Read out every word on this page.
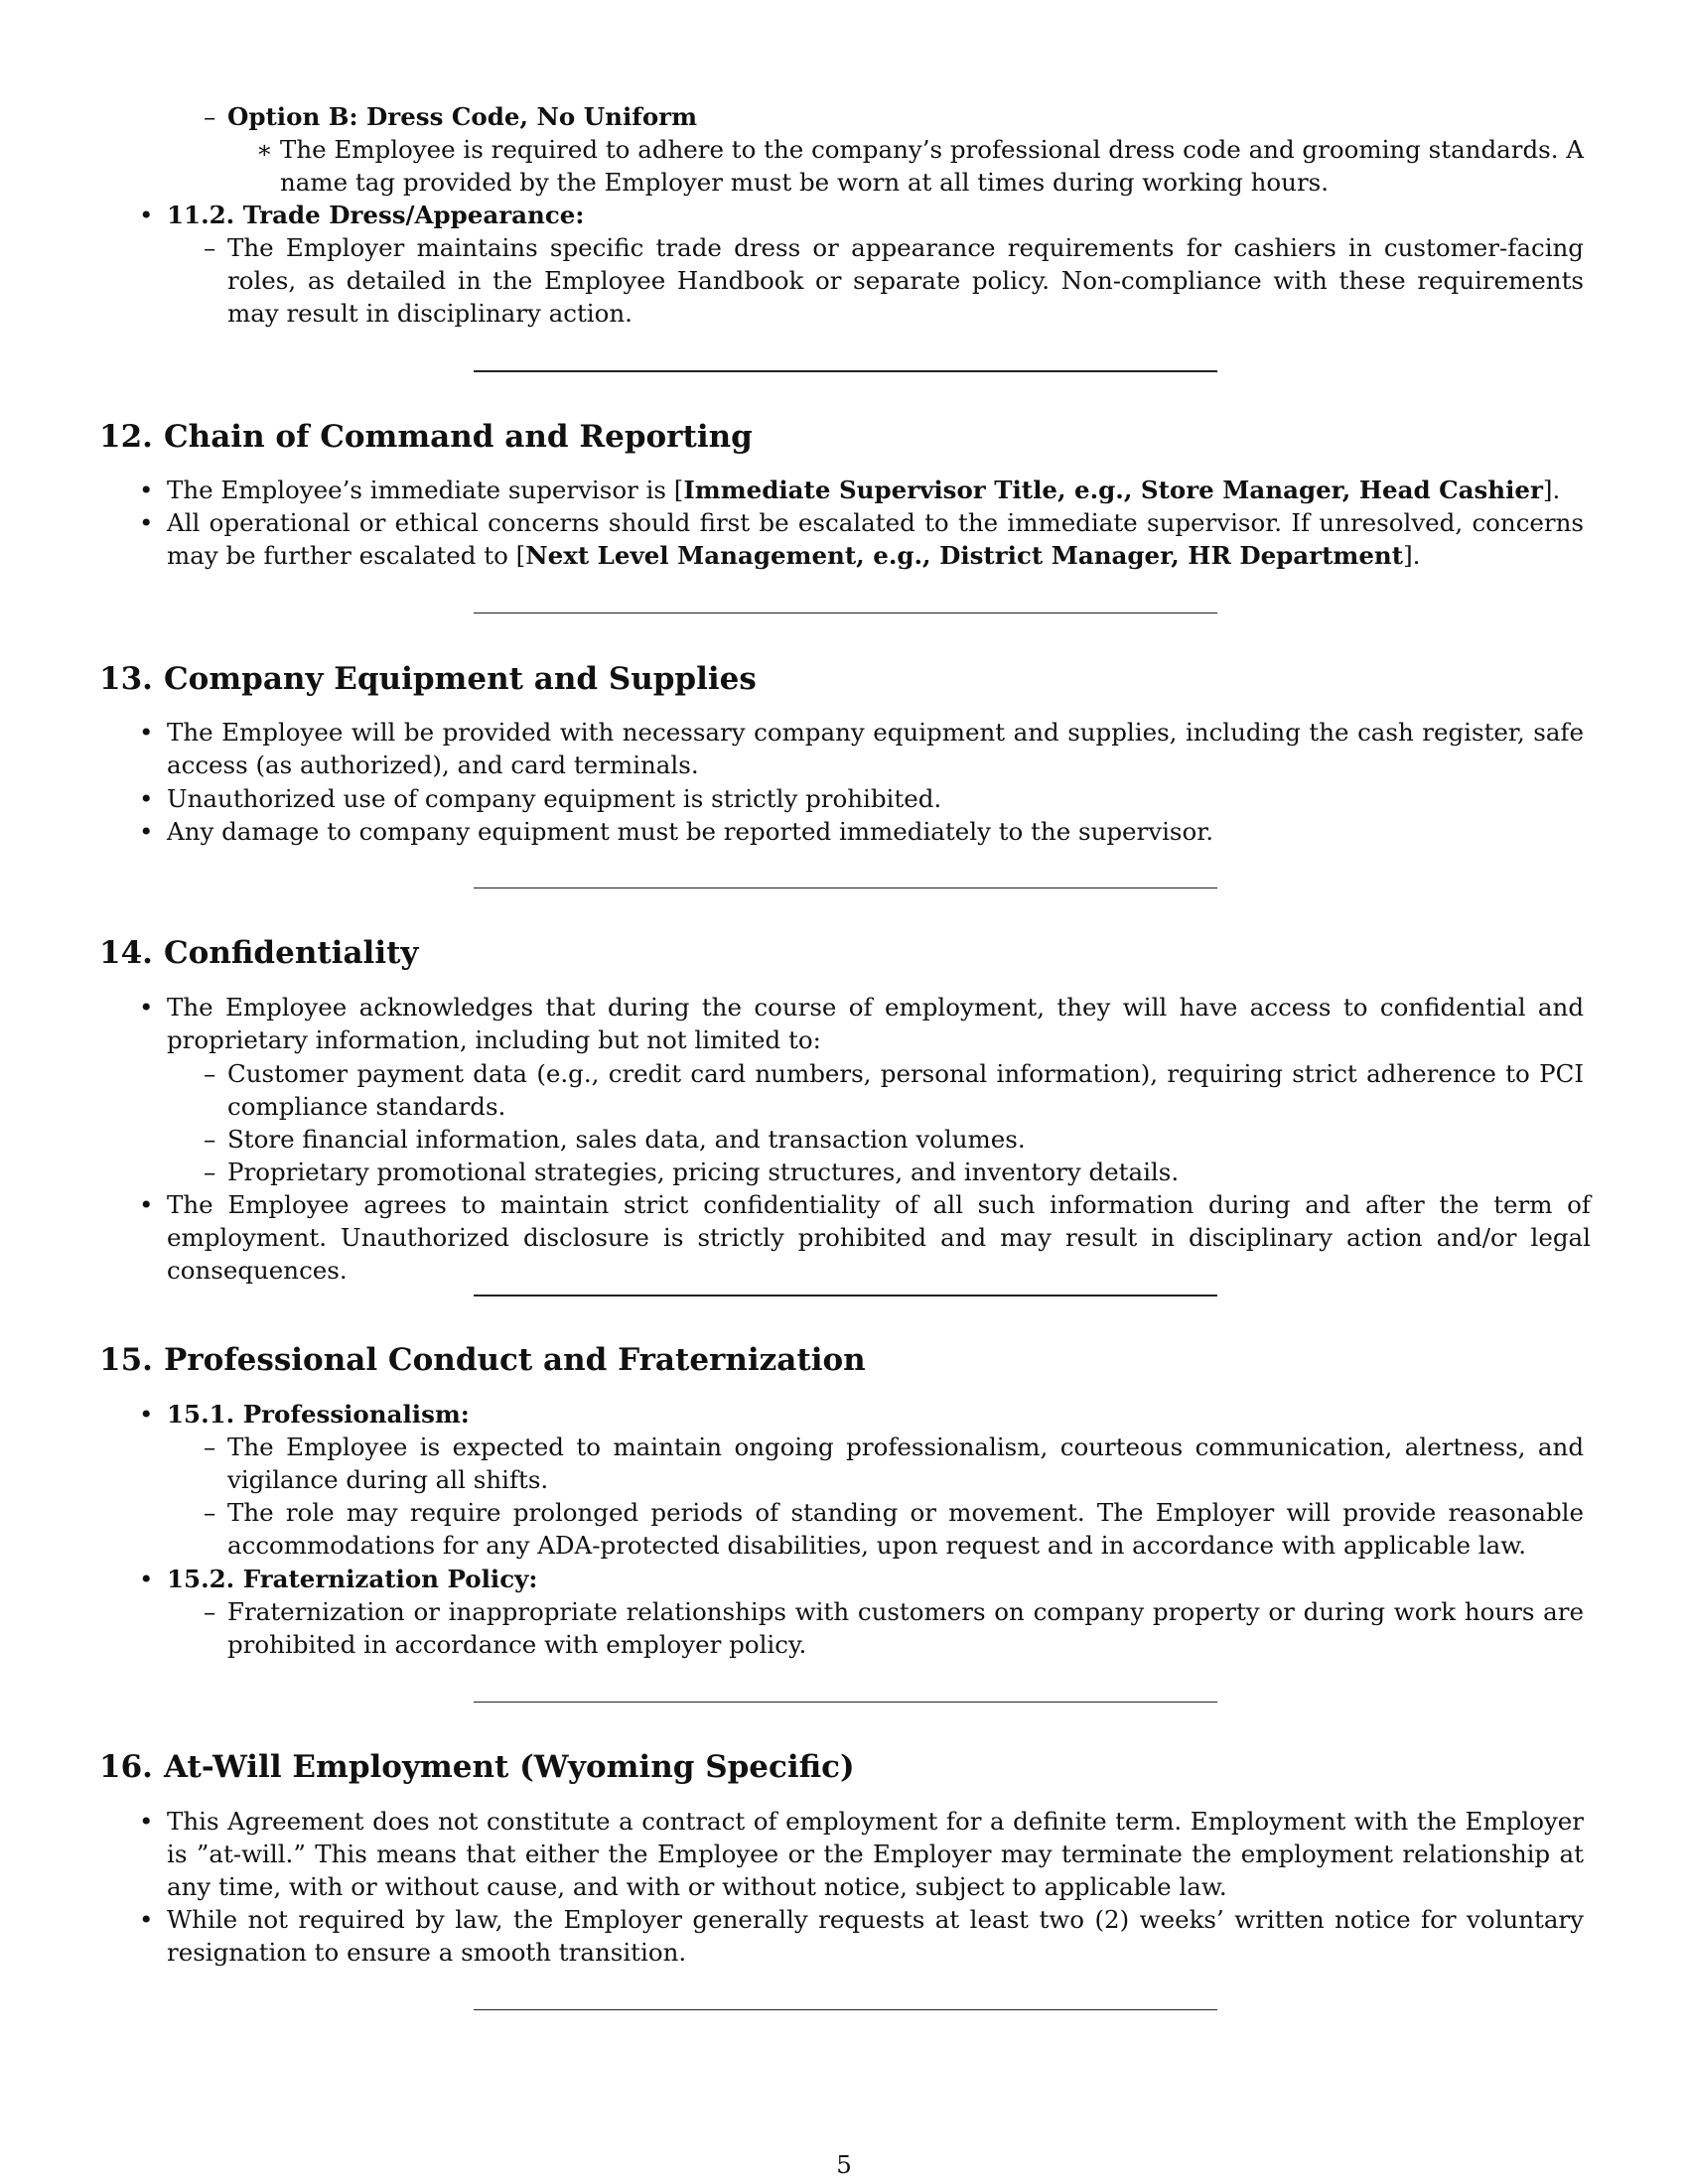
– Option B: Dress Code, No Uniform
∗ The Employee is required to adhere to the company’s professional dress code and grooming standards. A name tag provided by the Employer must be worn at all times during working hours.
• 11.2. Trade Dress/Appearance:
– The Employer maintains specific trade dress or appearance requirements for cashiers in customer-facing roles, as detailed in the Employee Handbook or separate policy. Non-compliance with these requirements may result in disciplinary action.
12. Chain of Command and Reporting
• The Employee’s immediate supervisor is [Immediate Supervisor Title, e.g., Store Manager, Head Cashier].
• All operational or ethical concerns should first be escalated to the immediate supervisor. If unresolved, concerns may be further escalated to [Next Level Management, e.g., District Manager, HR Department].
13. Company Equipment and Supplies
• The Employee will be provided with necessary company equipment and supplies, including the cash register, safe access (as authorized), and card terminals.
• Unauthorized use of company equipment is strictly prohibited.
• Any damage to company equipment must be reported immediately to the supervisor.
14. Confidentiality
• The Employee acknowledges that during the course of employment, they will have access to confidential and proprietary information, including but not limited to:
– Customer payment data (e.g., credit card numbers, personal information), requiring strict adherence to PCI compliance standards.
– Store financial information, sales data, and transaction volumes.
– Proprietary promotional strategies, pricing structures, and inventory details.
• The Employee agrees to maintain strict confidentiality of all such information during and after the term of employment. Unauthorized disclosure is strictly prohibited and may result in disciplinary action and/or legal consequences.
15. Professional Conduct and Fraternization
• 15.1. Professionalism:
– The Employee is expected to maintain ongoing professionalism, courteous communication, alertness, and vigilance during all shifts.
– The role may require prolonged periods of standing or movement. The Employer will provide reasonable accommodations for any ADA-protected disabilities, upon request and in accordance with applicable law.
• 15.2. Fraternization Policy:
– Fraternization or inappropriate relationships with customers on company property or during work hours are prohibited in accordance with employer policy.
16. At-Will Employment (Wyoming Specific)
• This Agreement does not constitute a contract of employment for a definite term. Employment with the Employer is ”at-will.” This means that either the Employee or the Employer may terminate the employment relationship at any time, with or without cause, and with or without notice, subject to applicable law.
• While not required by law, the Employer generally requests at least two (2) weeks’ written notice for voluntary resignation to ensure a smooth transition.
5
